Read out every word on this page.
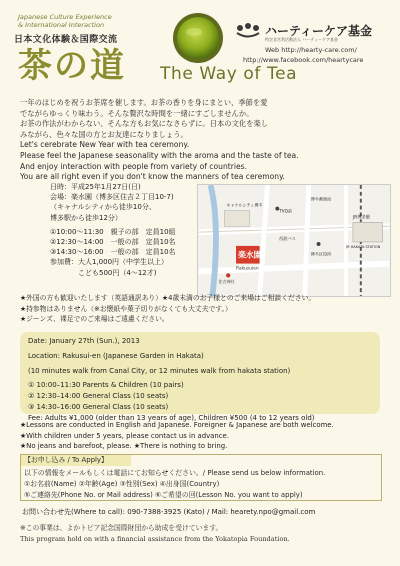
Japanese Culture Experience
& International Interaction
日本文化体験＆国際交流
茶の道 The Way of Tea
ハーティーケア基金
特定非営利活動法人 ハーティーケア基金
Web http://hearty-care.com/
http://www.facebook.com/heartycare
一年のはじめを祝うお茶席を催します。お茶の香りを身にまとい、季節を愛
でながらゆっくり味わう。そんな贅沢な時間を一緒にすごしませんか。
お茶の作法がわからない、そんな方もお気になさらずに。日本の文化を楽し
みながら、色々な国の方とお友達になりましょう。
Let's cerebrate New Year with tea ceremony.
Please feel the Japanese seasonality with the aroma and the taste of tea.
And enjoy interaction with people from variety of countries.
You are all right even if you don't know the manners of tea ceremony.
日時：平成25年1月27日(日)
会場：楽水園（博多区住吉２丁目10-7)
（キャナルシティから徒歩10分、
博多駅から徒歩12分）
①10:00～11:30　親子の部　定員10組
②12:30～14:00　一般の部　定員10名
③14:30～16:00　一般の部　定員10名
参加費：大人1,000円（中学生以上）
　　　　こども500円（4～12才)
楽水園
Rakusuien
キャナルシティ博多
JR博多駅
JR HAKATA STATION
住吉神社
TVQ前
西鉄バス
博多郵便局
博多区役所
★外国の方も歓迎いたします（英語通訳あり）★4歳未満のお子様とのご来場はご相談ください。
★持参物はありません（※お懐紙や菓子切りがなくても大丈夫です。）
★ジーンズ、裸足でのご来場はご遠慮ください。
Date: January 27th (Sun.), 2013
Location: Rakusui-en (Japanese Garden in Hakata)
(10 minutes walk from Canal City, or 12 minutes walk from hakata station)
① 10:00–11:30 Parents & Children (10 pairs)
② 12:30–14:00 General Class (10 seats)
③ 14:30–16:00 General Class (10 seats)
Fee: Adults ¥1,000 (older than 13 years of age), Children ¥500 (4 to 12 years old)
★Lessons are conducted in English and Japanese. Foreigner & Japanese are both welcome.
★With children under 5 years, please contact us in advance.
★No jeans and barefoot, please. ★There is nothing to bring.
【お申し込み / To Apply】
以下の情報をメールもしくは電話にてお知らせください。/ Please send us below information.
①お名前(Name) ②年齢(Age) ③性別(Sex) ④出身国(Country)
⑤ご連絡先(Phone No. or Mail address) ⑥ご希望の回(Lesson No. you want to apply)
お問い合わせ先(Where to call): 090-7388-3925 (Kato) / Mail: hearety.npo@gmail.com
※この事業は、よかトピア記念国際財団から助成を受けています。
This program hold on with a financial assistance from the Yokatopia Foundation.
